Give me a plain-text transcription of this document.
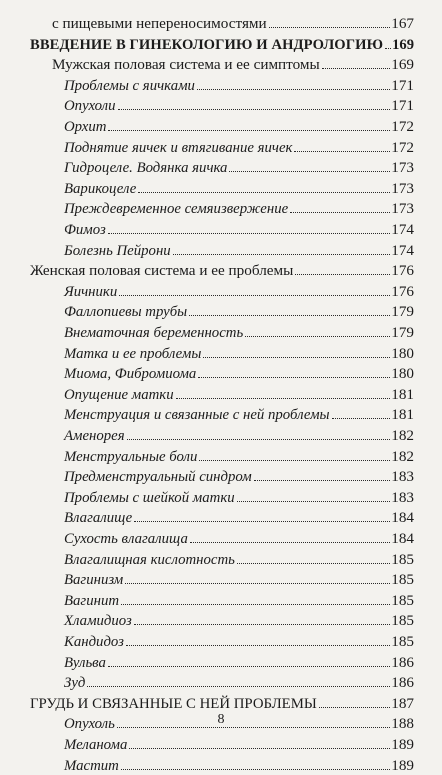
с пищевыми непереносимостями	167
ВВЕДЕНИЕ В ГИНЕКОЛОГИЮ И АНДРОЛОГИЮ 169
Мужская половая система и ее симптомы	169
Проблемы с яичками	171
Опухоли	171
Орхит	172
Поднятие яичек и втягивание яичек	172
Гидроцеле. Водянка яичка	173
Варикоцеле	173
Преждевременное семяизвержение	173
Фимоз	174
Болезнь Пейрони	174
Женская половая система и ее проблемы	176
Яичники	176
Фаллопиевы трубы	179
Внематочная беременность	179
Матка и ее проблемы	180
Миома, Фибромиома	180
Опущение матки	181
Менструация и связанные с ней проблемы	181
Аменорея	182
Менструальные боли	182
Предменструальный синдром	183
Проблемы с шейкой матки	183
Влагалище	184
Сухость влагалища	184
Влагалищная кислотность	185
Вагинизм	185
Вагинит	185
Хламидиоз	185
Кандидоз	185
Вульва	186
Зуд	186
ГРУДЬ И СВЯЗАННЫЕ С НЕЙ ПРОБЛЕМЫ	187
Опухоль	188
Меланома	189
Мастит	189
8
